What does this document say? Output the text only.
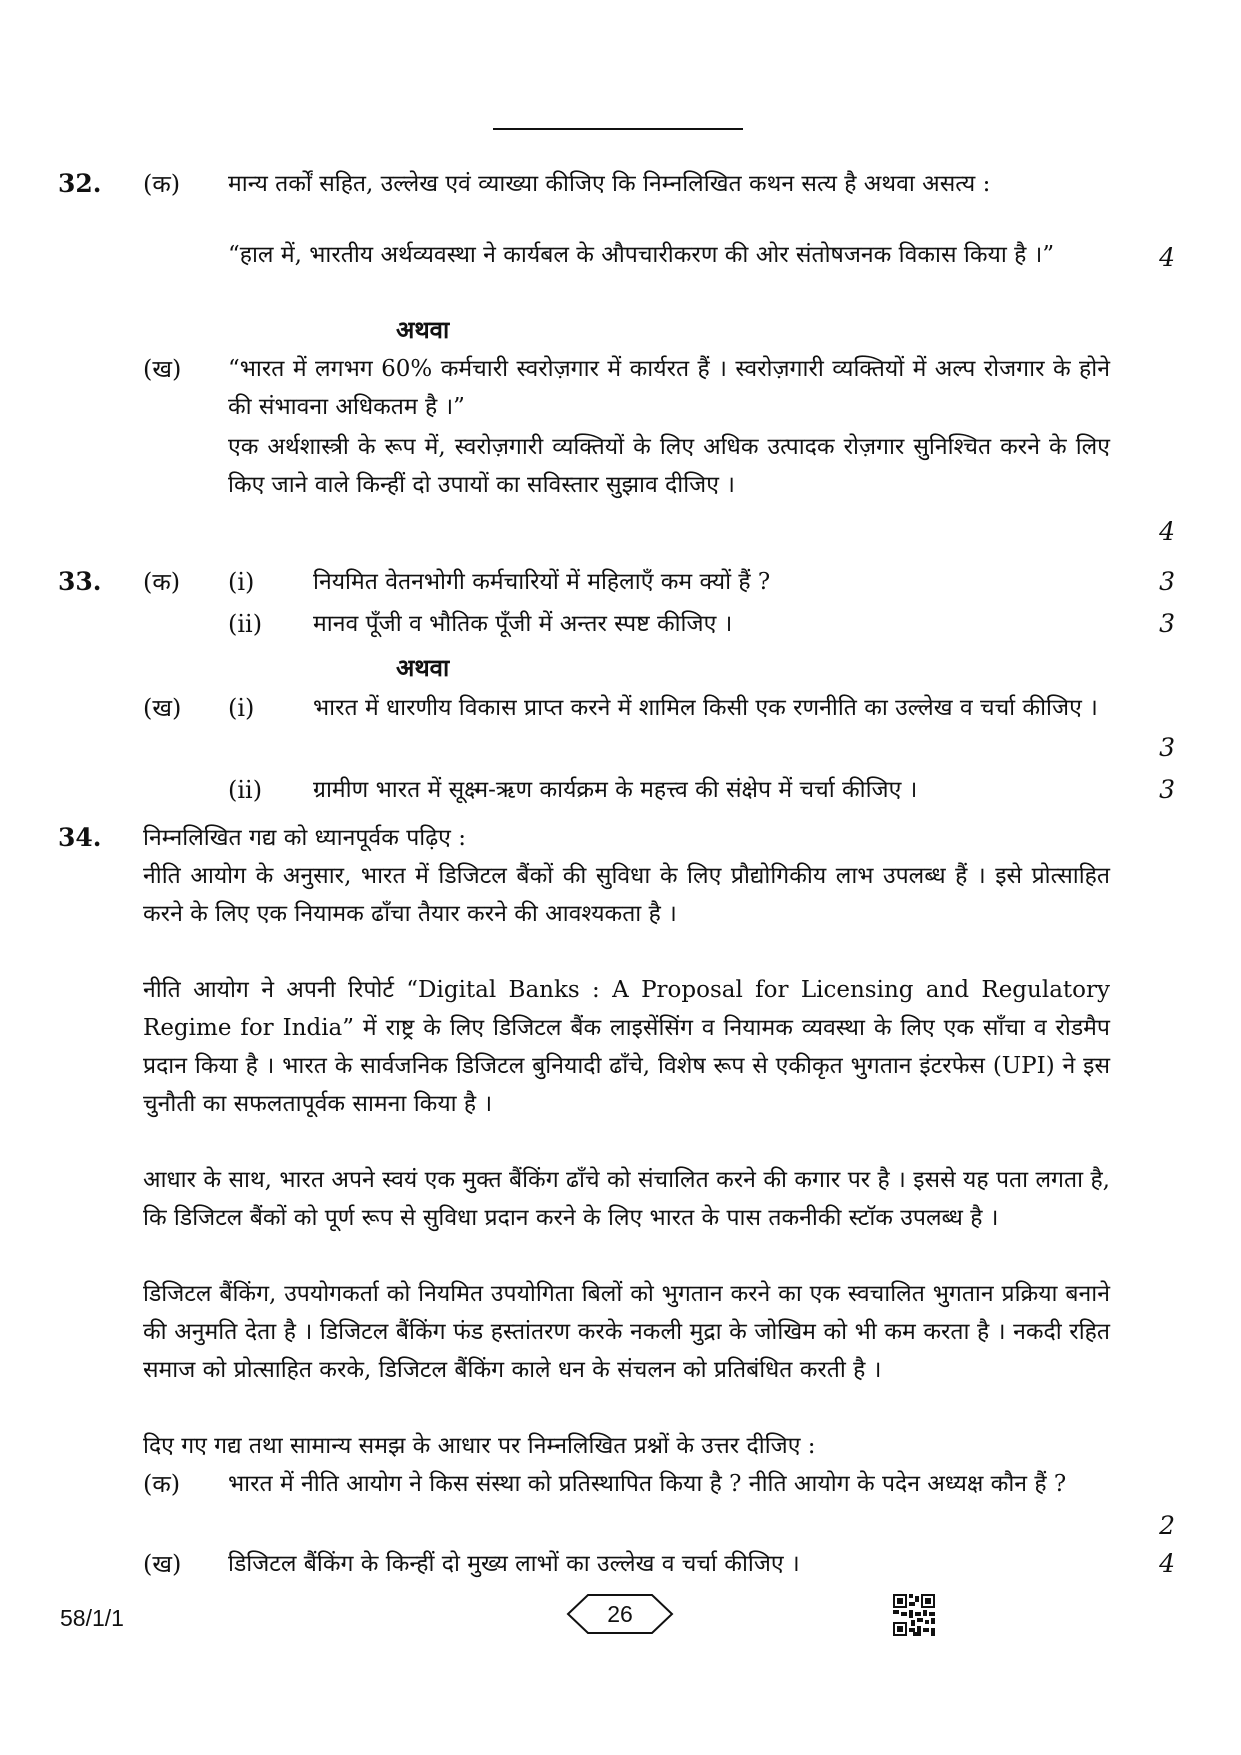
32. (क) मान्य तर्कों सहित, उल्लेख एवं व्याख्या कीजिए कि निम्नलिखित कथन सत्य है अथवा असत्य :
“हाल में, भारतीय अर्थव्यवस्था ने कार्यबल के औपचारीकरण की ओर संतोषजनक विकास किया है ।”	4
अथवा
(ख) “भारत में लगभग 60% कर्मचारी स्वरोज़गार में कार्यरत हैं । स्वरोज़गारी व्यक्तियों में अल्प रोजगार के होने की संभावना अधिकतम है ।”
एक अर्थशास्त्री के रूप में, स्वरोज़गारी व्यक्तियों के लिए अधिक उत्पादक रोज़गार सुनिश्चित करने के लिए किए जाने वाले किन्हीं दो उपायों का सविस्तार सुझाव दीजिए ।
4
33. (क) (i)	नियमित वेतनभोगी कर्मचारियों में महिलाएँ कम क्यों हैं ?	3
(ii) मानव पूँजी व भौतिक पूँजी में अन्तर स्पष्ट कीजिए ।	3
अथवा
(ख) (i)	भारत में धारणीय विकास प्राप्त करने में शामिल किसी एक रणनीति का उल्लेख व चर्चा कीजिए ।
3
(ii) ग्रामीण भारत में सूक्ष्म-ऋण कार्यक्रम के महत्त्व की संक्षेप में चर्चा कीजिए ।	3
34. निम्नलिखित गद्य को ध्यानपूर्वक पढ़िए :
नीति आयोग के अनुसार, भारत में डिजिटल बैंकों की सुविधा के लिए प्रौद्योगिकीय लाभ उपलब्ध हैं । इसे प्रोत्साहित करने के लिए एक नियामक ढाँचा तैयार करने की आवश्यकता है ।
नीति आयोग ने अपनी रिपोर्ट “Digital Banks : A Proposal for Licensing and Regulatory Regime for India” में राष्ट्र के लिए डिजिटल बैंक लाइसेंसिंग व नियामक व्यवस्था के लिए एक साँचा व रोडमैप प्रदान किया है । भारत के सार्वजनिक डिजिटल बुनियादी ढाँचे, विशेष रूप से एकीकृत भुगतान इंटरफेस (UPI) ने इस चुनौती का सफलतापूर्वक सामना किया है ।
आधार के साथ, भारत अपने स्वयं एक मुक्त बैंकिंग ढाँचे को संचालित करने की कगार पर है । इससे यह पता लगता है, कि डिजिटल बैंकों को पूर्ण रूप से सुविधा प्रदान करने के लिए भारत के पास तकनीकी स्टॉक उपलब्ध है ।
डिजिटल बैंकिंग, उपयोगकर्ता को नियमित उपयोगिता बिलों को भुगतान करने का एक स्वचालित भुगतान प्रक्रिया बनाने की अनुमति देता है । डिजिटल बैंकिंग फंड हस्तांतरण करके नकली मुद्रा के जोखिम को भी कम करता है । नकदी रहित समाज को प्रोत्साहित करके, डिजिटल बैंकिंग काले धन के संचलन को प्रतिबंधित करती है ।
दिए गए गद्य तथा सामान्य समझ के आधार पर निम्नलिखित प्रश्नों के उत्तर दीजिए :
(क) भारत में नीति आयोग ने किस संस्था को प्रतिस्थापित किया है ? नीति आयोग के पदेन अध्यक्ष कौन हैं ?
2
(ख) डिजिटल बैंकिंग के किन्हीं दो मुख्य लाभों का उल्लेख व चर्चा कीजिए ।	4
58/1/1	26
